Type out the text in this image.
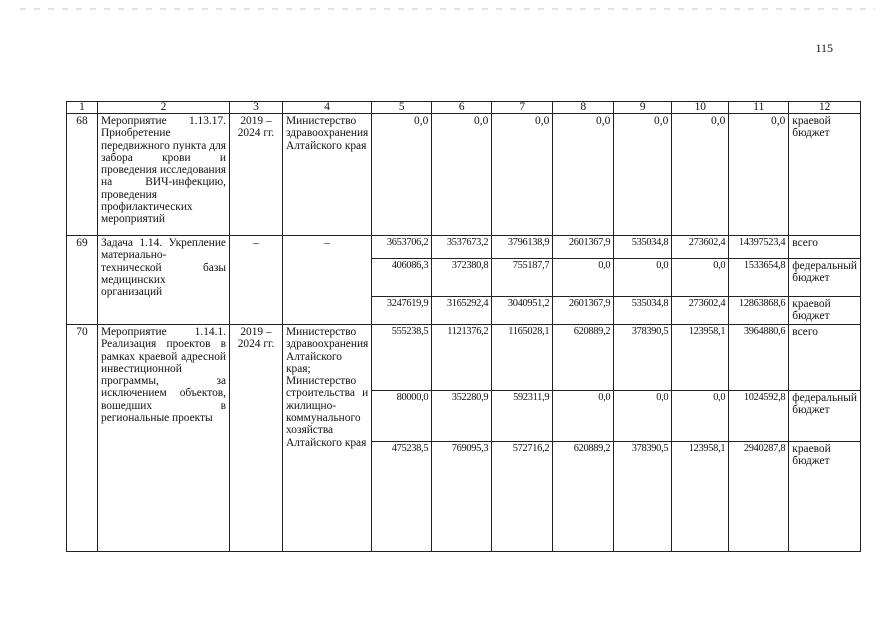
115
1	2	3	4	5	6	7	8	9	10	11	12
68	Мероприятие 1.13.17. Приобретение передвижного пункта для забора крови и проведения исследования на ВИЧ-инфекцию, проведения профилактических мероприятий	2019 – 2024 гг.	Министерство здравоохранения Алтайского края	0,0	0,0	0,0	0,0	0,0	0,0	0,0	краевой бюджет
69	Задача 1.14. Укрепление материально-технической базы медицинских организаций	–	–	3653706,2	3537673,2	3796138,9	2601367,9	535034,8	273602,4	14397523,4	всего
				406086,3	372380,8	755187,7	0,0	0,0	0,0	1533654,8	федеральный бюджет
				3247619,9	3165292,4	3040951,2	2601367,9	535034,8	273602,4	12863868,6	краевой бюджет
70	Мероприятие 1.14.1. Реализация проектов в рамках краевой адресной инвестиционной программы, за исключением объектов, вошедших в региональные проекты	2019 – 2024 гг.	Министерство здравоохранения Алтайского края; Министерство строительства и жилищно-коммунального хозяйства Алтайского края	555238,5	1121376,2	1165028,1	620889,2	378390,5	123958,1	3964880,6	всего
				80000,0	352280,9	592311,9	0,0	0,0	0,0	1024592,8	федеральный бюджет
				475238,5	769095,3	572716,2	620889,2	378390,5	123958,1	2940287,8	краевой бюджет
